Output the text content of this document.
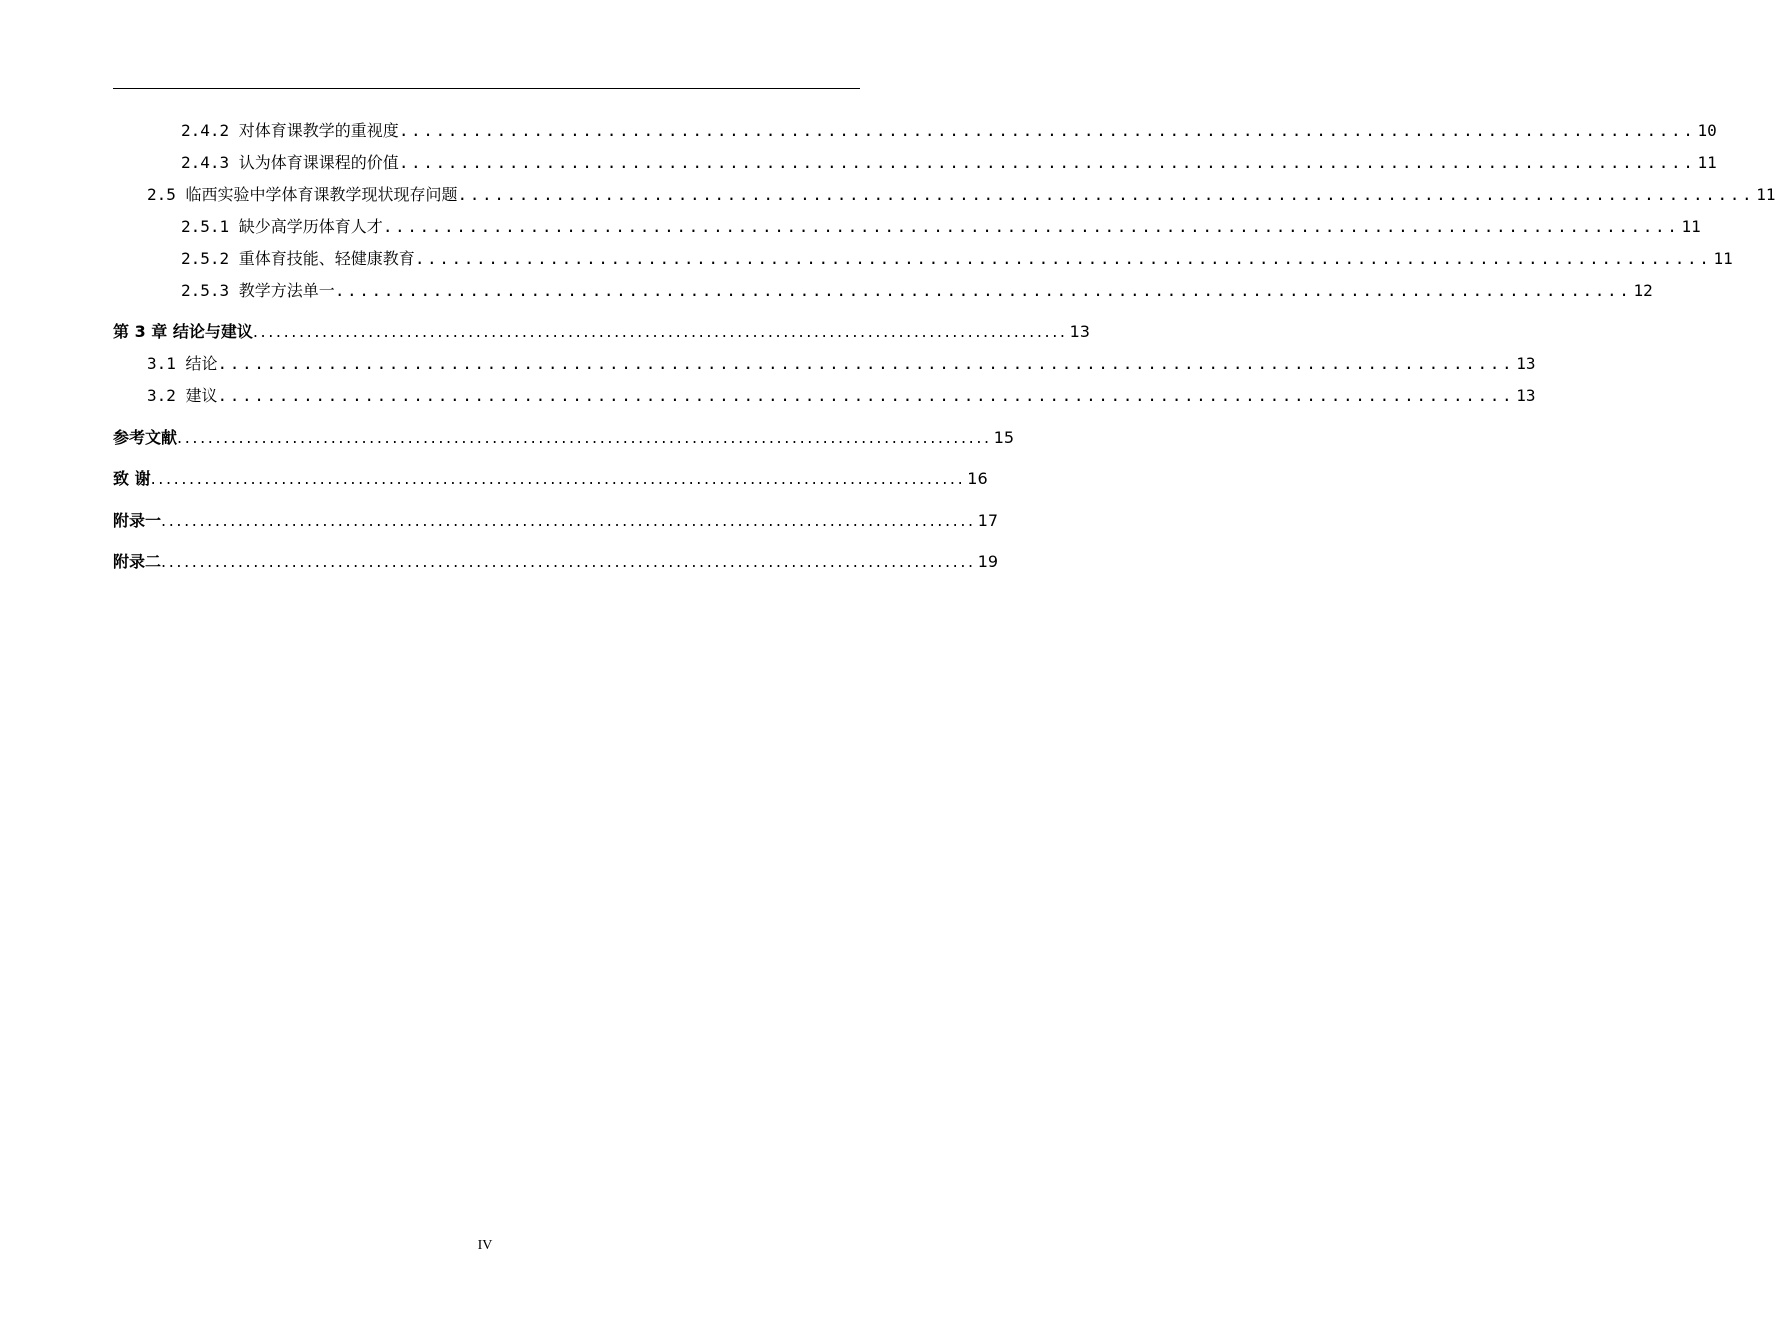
2.4.2 对体育课教学的重视度 .......................................................................................................... 10
2.4.3 认为体育课课程的价值 .......................................................................................................... 11
2.5 临西实验中学体育课教学现状现存问题 .......................................................................................................... 11
2.5.1 缺少高学历体育人才 .......................................................................................................... 11
2.5.2 重体育技能、轻健康教育 .......................................................................................................... 11
2.5.3 教学方法单一 .......................................................................................................... 12
第 3 章 结论与建议 .......................................................................................................... 13
3.1 结论 .......................................................................................................... 13
3.2 建议 .......................................................................................................... 13
参考文献 .......................................................................................................... 15
致 谢 .......................................................................................................... 16
附录一 .......................................................................................................... 17
附录二 .......................................................................................................... 19
IV
